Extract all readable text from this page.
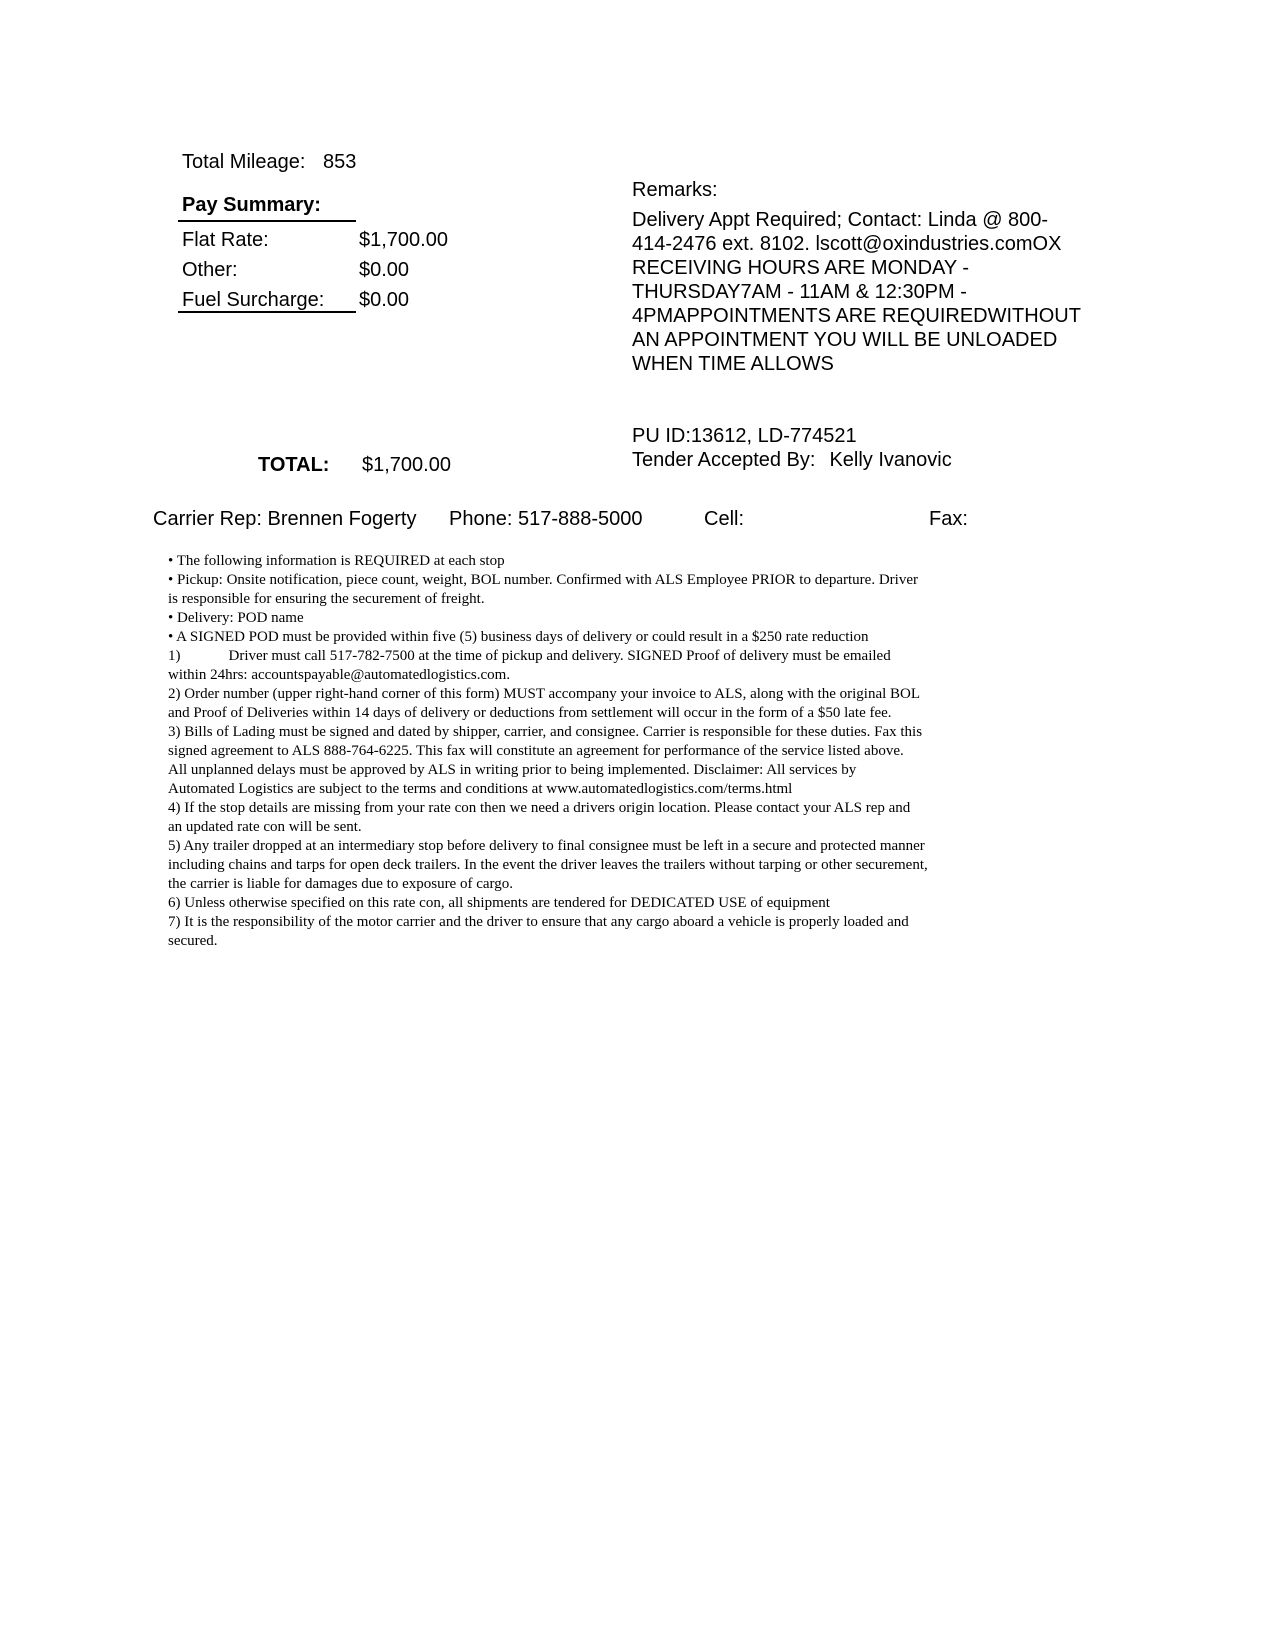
Total Mileage: 853
Pay Summary:
Flat Rate:	$1,700.00
Other:	$0.00
Fuel Surcharge: $0.00
TOTAL: $1,700.00
Remarks:
Delivery Appt Required; Contact: Linda @ 800-414-2476 ext. 8102. lscott@oxindustries.comOX RECEIVING HOURS ARE MONDAY - THURSDAY7AM - 11AM & 12:30PM - 4PMAPPOINTMENTS ARE REQUIREDWITHOUT AN APPOINTMENT YOU WILL BE UNLOADED WHEN TIME ALLOWS
PU ID:13612, LD-774521
Tender Accepted By: Kelly Ivanovic
Carrier Rep: Brennen Fogerty Phone: 517-888-5000	Cell:	Fax:
• The following information is REQUIRED at each stop
• Pickup: Onsite notification, piece count, weight, BOL number. Confirmed with ALS Employee PRIOR to departure. Driver
is responsible for ensuring the securement of freight.
• Delivery: POD name
• A SIGNED POD must be provided within five (5) business days of delivery or could result in a $250 rate reduction
1)	Driver must call 517-782-7500 at the time of pickup and delivery. SIGNED Proof of delivery must be emailed
within 24hrs: accountspayable@automatedlogistics.com.
2) Order number (upper right-hand corner of this form) MUST accompany your invoice to ALS, along with the original BOL
and Proof of Deliveries within 14 days of delivery or deductions from settlement will occur in the form of a $50 late fee.
3) Bills of Lading must be signed and dated by shipper, carrier, and consignee. Carrier is responsible for these duties. Fax this
signed agreement to ALS 888-764-6225. This fax will constitute an agreement for performance of the service listed above.
All unplanned delays must be approved by ALS in writing prior to being implemented. Disclaimer: All services by
Automated Logistics are subject to the terms and conditions at www.automatedlogistics.com/terms.html
4) If the stop details are missing from your rate con then we need a drivers origin location. Please contact your ALS rep and
an updated rate con will be sent.
5) Any trailer dropped at an intermediary stop before delivery to final consignee must be left in a secure and protected manner
including chains and tarps for open deck trailers. In the event the driver leaves the trailers without tarping or other securement,
the carrier is liable for damages due to exposure of cargo.
6) Unless otherwise specified on this rate con, all shipments are tendered for DEDICATED USE of equipment
7) It is the responsibility of the motor carrier and the driver to ensure that any cargo aboard a vehicle is properly loaded and
secured.
